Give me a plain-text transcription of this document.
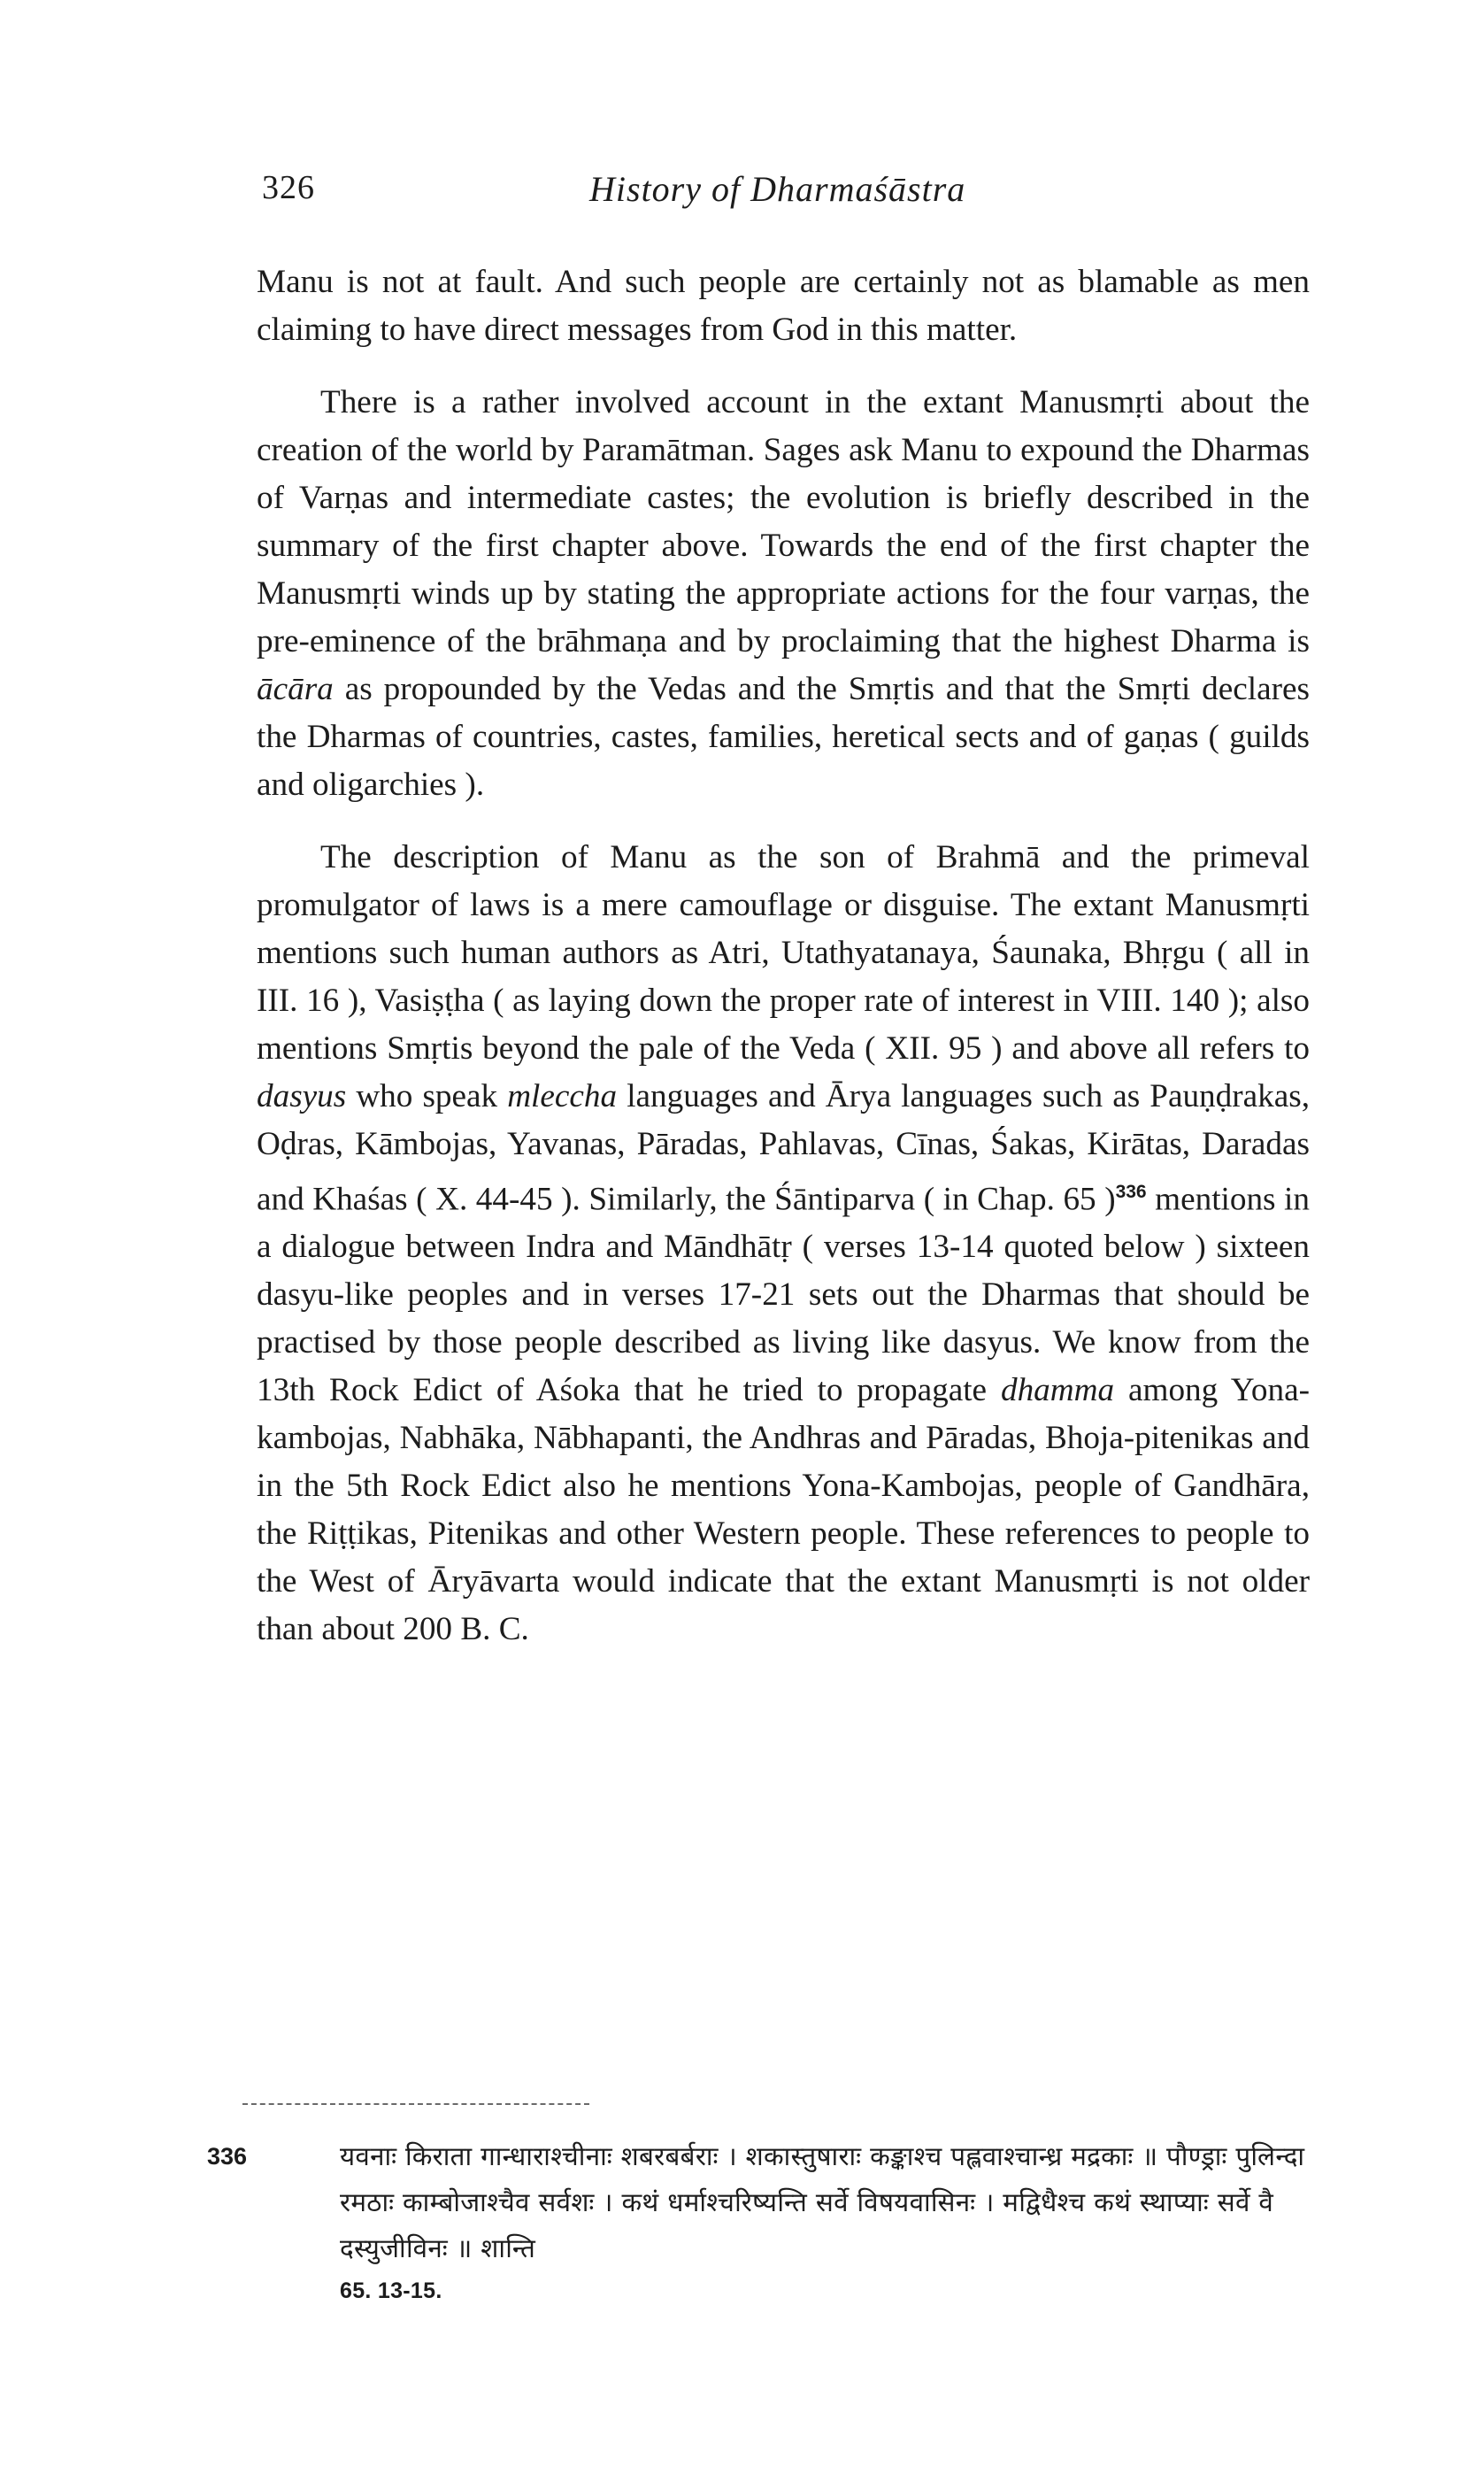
326	History of Dharmaśāstra

Manu is not at fault. And such people are certainly not as blamable as men claiming to have direct messages from God in this matter.

There is a rather involved account in the extant Manusmṛti about the creation of the world by Paramātman. Sages ask Manu to expound the Dharmas of Varṇas and intermediate castes; the evolution is briefly described in the summary of the first chapter above. Towards the end of the first chapter the Manusmṛti winds up by stating the appropriate actions for the four varṇas, the pre-eminence of the brāhmaṇa and by proclaiming that the highest Dharma is ācāra as propounded by the Vedas and the Smṛtis and that the Smṛti declares the Dharmas of countries, castes, families, heretical sects and of gaṇas ( guilds and oligarchies ).

The description of Manu as the son of Brahmā and the primeval promulgator of laws is a mere camouflage or disguise. The extant Manusmṛti mentions such human authors as Atri, Utathyatanaya, Śaunaka, Bhṛgu ( all in III. 16 ), Vasiṣṭha ( as laying down the proper rate of interest in VIII. 140 ); also mentions Smṛtis beyond the pale of the Veda ( XII. 95 ) and above all refers to dasyus who speak mleccha languages and Ārya languages such as Pauṇḍrakas, Oḍras, Kāmbojas, Yavanas, Pāradas, Pahlavas, Cīnas, Śakas, Kirātas, Daradas and Khaśas ( X. 44-45 ). Similarly, the Śāntiparva ( in Chap. 65 )$^{336}$ mentions in a dialogue between Indra and Māndhātṛ ( verses 13-14 quoted below ) sixteen dasyu-like peoples and in verses 17-21 sets out the Dharmas that should be practised by those people described as living like dasyus. We know from the 13th Rock Edict of Aśoka that he tried to propagate dhamma among Yona-kambojas, Nabhāka, Nābhapanti, the Andhras and Pāradas, Bhoja-pitenikas and in the 5th Rock Edict also he mentions Yona-Kambojas, people of Gandhāra, the Riṭṭikas, Pitenikas and other Western people. These references to people to the West of Āryāvarta would indicate that the extant Manusmṛti is not older than about 200 B. C.

336	यवनाः किराता गान्धाराश्चीनाः शबरबर्बराः । शकास्तुषाराः कङ्काश्च पह्लवाश्चान्ध्र मद्रकाः ॥ पौण्ड्राः पुलिन्दा रमठाः काम्बोजाश्चैव सर्वशः । कथं धर्माश्चरिष्यन्ति सर्वे विषयवासिनः । मद्विधैश्च कथं स्थाप्याः सर्वे वै दस्युजीविनः ॥ शान्ति
65. 13-15.
